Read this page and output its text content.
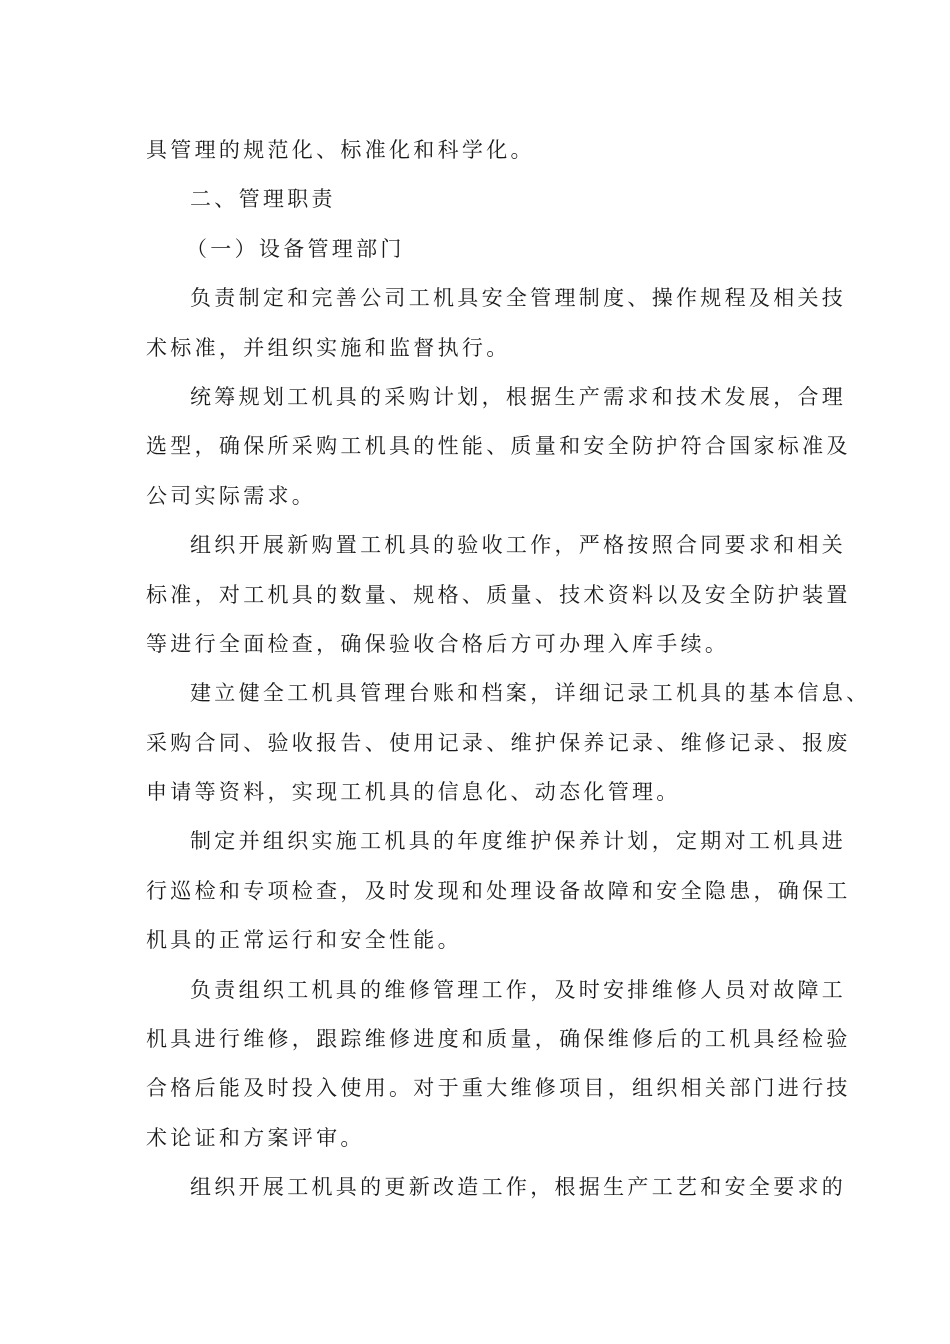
具管理的规范化、标准化和科学化。
二、管理职责
（一）设备管理部门
负责制定和完善公司工机具安全管理制度、操作规程及相关技
术标准，并组织实施和监督执行。
统筹规划工机具的采购计划，根据生产需求和技术发展，合理
选型，确保所采购工机具的性能、质量和安全防护符合国家标准及
公司实际需求。
组织开展新购置工机具的验收工作，严格按照合同要求和相关
标准，对工机具的数量、规格、质量、技术资料以及安全防护装置
等进行全面检查，确保验收合格后方可办理入库手续。
建立健全工机具管理台账和档案，详细记录工机具的基本信息、
采购合同、验收报告、使用记录、维护保养记录、维修记录、报废
申请等资料，实现工机具的信息化、动态化管理。
制定并组织实施工机具的年度维护保养计划，定期对工机具进
行巡检和专项检查，及时发现和处理设备故障和安全隐患，确保工
机具的正常运行和安全性能。
负责组织工机具的维修管理工作，及时安排维修人员对故障工
机具进行维修，跟踪维修进度和质量，确保维修后的工机具经检验
合格后能及时投入使用。对于重大维修项目，组织相关部门进行技
术论证和方案评审。
组织开展工机具的更新改造工作，根据生产工艺和安全要求的
